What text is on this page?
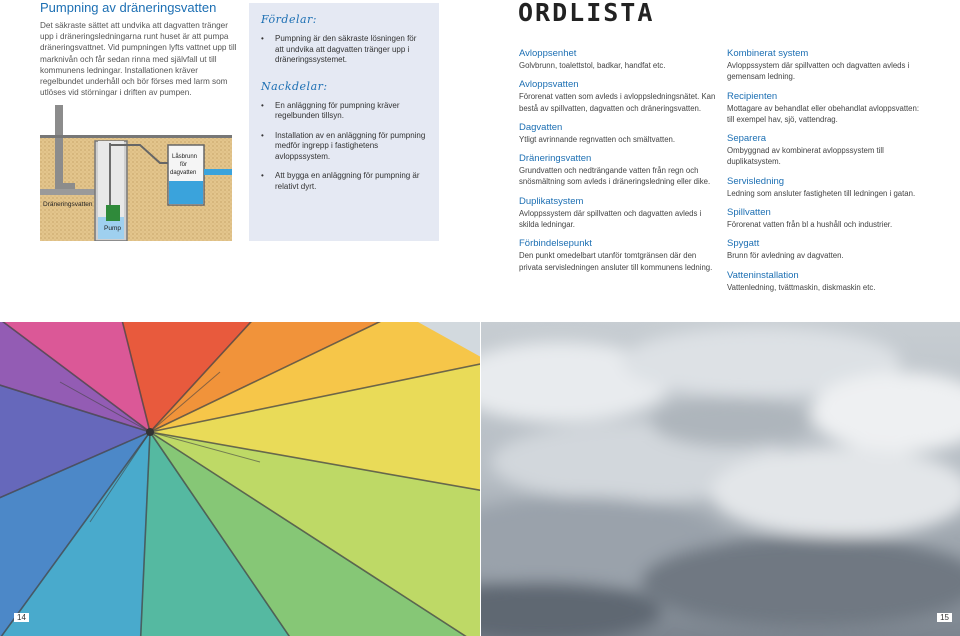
Pumpning av dräneringsvatten

Det säkraste sättet att undvika att dagvatten tränger upp i dräneringsledningarna runt huset är att pumpa dräneringsvattnet. Vid pumpningen lyfts vattnet upp till marknivån och får sedan rinna med självfall ut till kommunens ledningar. Installationen kräver regelbundet underhåll och bör förses med larm som utlöses vid störningar i driften av pumpen.

Dräneringsvatten
Pump
Låsbrunn
för
dagvatten
Fördelar:
• Pumpning är den säkraste lösningen för att undvika att dagvatten tränger upp i dräneringssystemet.
Nackdelar:
• En anläggning för pumpning kräver regelbunden tillsyn.
• Installation av en anläggning för pumpning medför ingrepp i fastighetens avloppssystem.
• Att bygga en anläggning för pumpning är relativt dyrt.
ORDLISTA
Avloppsenhet
Golvbrunn, toalettstol, badkar, handfat etc.
Avloppsvatten
Förorenat vatten som avleds i avloppsledningsnätet. Kan bestå av spillvatten, dagvatten och dräneringsvatten.
Dagvatten
Ytligt avrinnande regnvatten och smältvatten.
Dräneringsvatten
Grundvatten och nedträngande vatten från regn och snösmältning som avleds i dräneringsledning eller dike.
Duplikatsystem
Avloppssystem där spillvatten och dagvatten avleds i skilda ledningar.
Förbindelsepunkt
Den punkt omedelbart utanför tomtgränsen där den privata servisledningen ansluter till kommunens ledning.
Kombinerat system
Avloppssystem där spillvatten och dagvatten avleds i gemensam ledning.
Recipienten
Mottagare av behandlat eller obehandlat avloppsvatten: till exempel hav, sjö, vattendrag.
Separera
Ombyggnad av kombinerat avloppssystem till duplikatsystem.
Servisledning
Ledning som ansluter fastigheten till ledningen i gatan.
Spillvatten
Förorenat vatten från bl a hushåll och industrier.
Spygatt
Brunn för avledning av dagvatten.
Vatteninstallation
Vattenledning, tvättmaskin, diskmaskin etc.
14	15
